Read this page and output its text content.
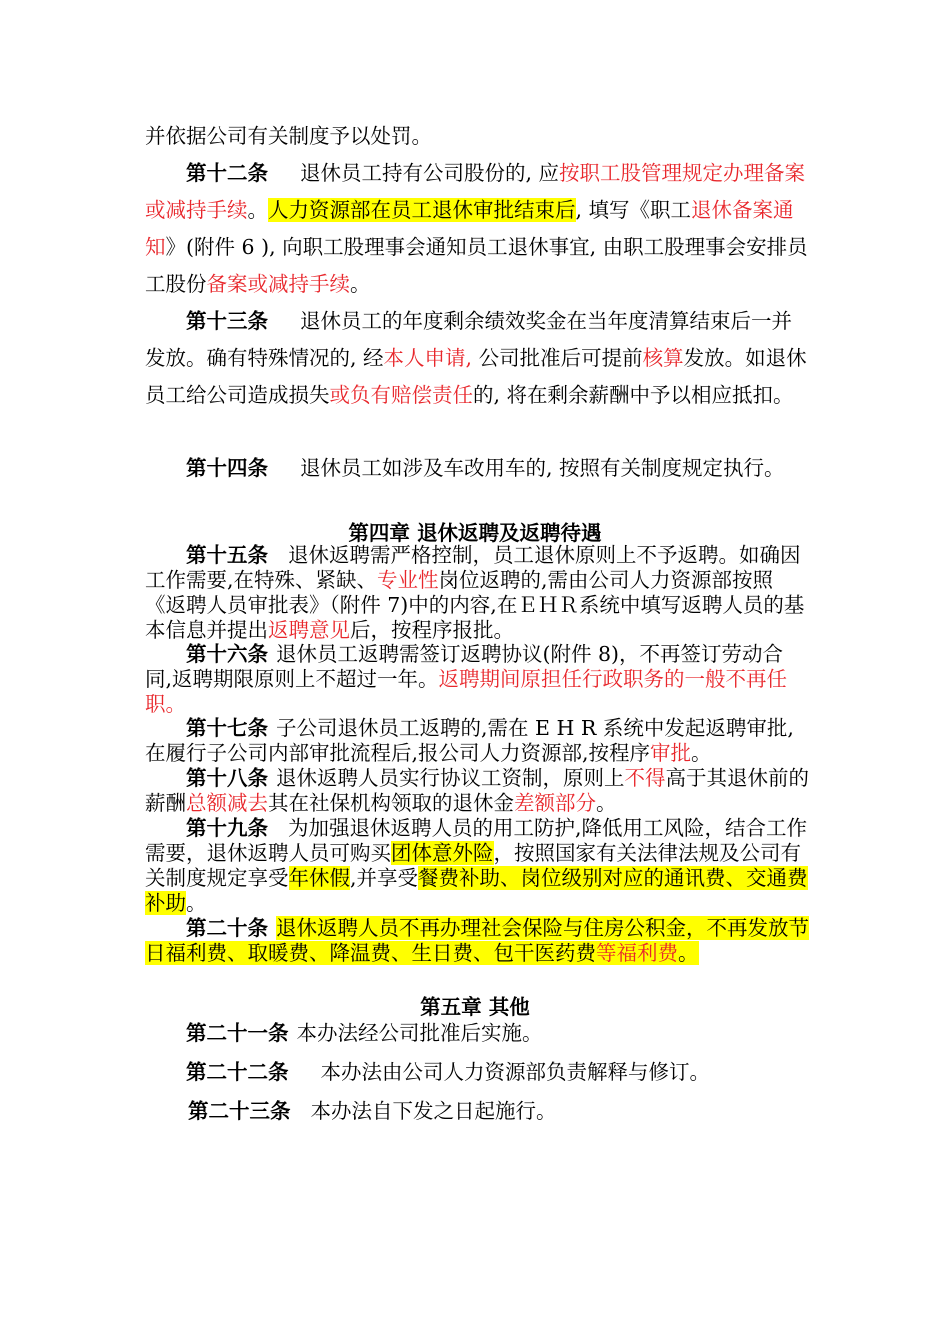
并依据公司有关制度予以处罚。

第十二条 退休员工持有公司股份的, 应按职工股管理规定办理备案或减持手续。人力资源部在员工退休审批结束后, 填写《职工退休备案通知》(附件 6 ), 向职工股理事会通知员工退休事宜, 由职工股理事会安排员工股份备案或减持手续。

第十三条 退休员工的年度剩余绩效奖金在当年度清算结束后一并发放。确有特殊情况的, 经本人申请, 公司批准后可提前核算发放。如退休员工给公司造成损失或负有赔偿责任的, 将在剩余薪酬中予以相应抵扣。

第十四条 退休员工如涉及车改用车的, 按照有关制度规定执行。

第四章 退休返聘及返聘待遇

第十五条 退休返聘需严格控制，员工退休原则上不予返聘。如确因工作需要,在特殊、紧缺、专业性岗位返聘的,需由公司人力资源部按照《返聘人员审批表》（附件 7)中的内容,在ＥＨＲ系统中填写返聘人员的基本信息并提出返聘意见后，按程序报批。

第十六条 退休员工返聘需签订返聘协议(附件 8)，不再签订劳动合同,返聘期限原则上不超过一年。返聘期间原担任行政职务的一般不再任职。

第十七条 子公司退休员工返聘的,需在 E H R 系统中发起返聘审批,在履行子公司内部审批流程后,报公司人力资源部,按程序审批。

第十八条 退休返聘人员实行协议工资制，原则上不得高于其退休前的薪酬总额减去其在社保机构领取的退休金差额部分。

第十九条 为加强退休返聘人员的用工防护,降低用工风险，结合工作需要，退休返聘人员可购买团体意外险，按照国家有关法律法规及公司有关制度规定享受年休假,并享受餐费补助、岗位级别对应的通讯费、交通费补助。

第二十条 退休返聘人员不再办理社会保险与住房公积金，不再发放节日福利费、取暖费、降温费、生日费、包干医药费等福利费。

第五章 其他

第二十一条 本办法经公司批准后实施。

第二十二条 本办法由公司人力资源部负责解释与修订。

第二十三条 本办法自下发之日起施行。
